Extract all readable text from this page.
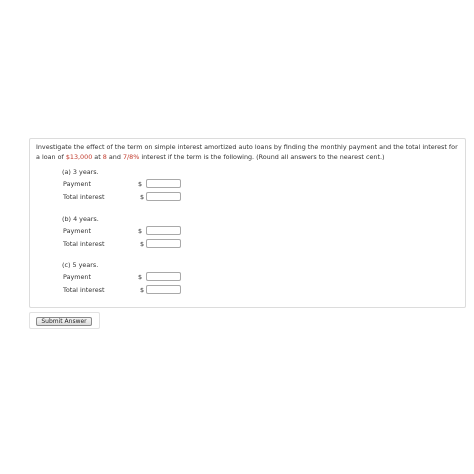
Investigate the effect of the term on simple interest amortized auto loans by finding the monthly payment and the total interest for a loan of $13,000 at 8 and 7/8% interest if the term is the following. (Round all answers to the nearest cent.)
(a) 3 years.
Payment	$
Total interest	$
(b) 4 years.
Payment	$
Total interest	$
(c) 5 years.
Payment	$
Total interest	$
Submit Answer
